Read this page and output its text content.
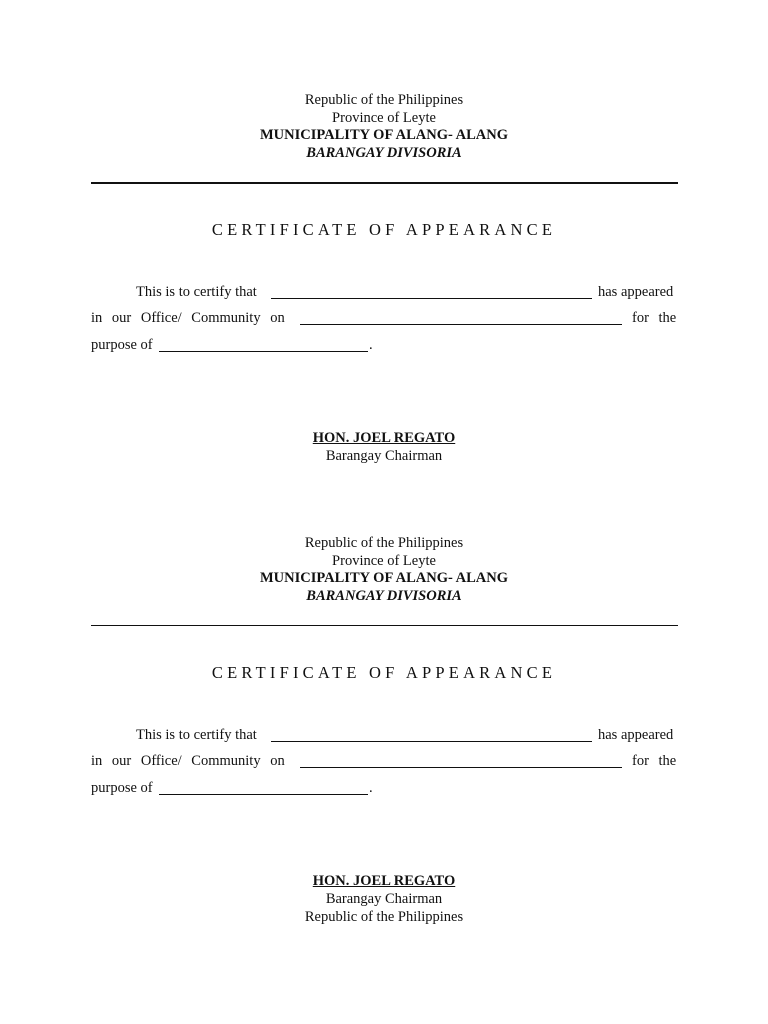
Republic of the Philippines
Province of Leyte
MUNICIPALITY OF ALANG- ALANG
BARANGAY DIVISORIA
CERTIFICATE OF APPEARANCE
This is to certify that	has appeared
in our Office/ Community on	for the
purpose of	.
HON. JOEL REGATO
Barangay Chairman
Republic of the Philippines
Province of Leyte
MUNICIPALITY OF ALANG- ALANG
BARANGAY DIVISORIA
CERTIFICATE OF APPEARANCE
This is to certify that	has appeared
in our Office/ Community on	for the
purpose of	.
HON. JOEL REGATO
Barangay Chairman
Republic of the Philippines
